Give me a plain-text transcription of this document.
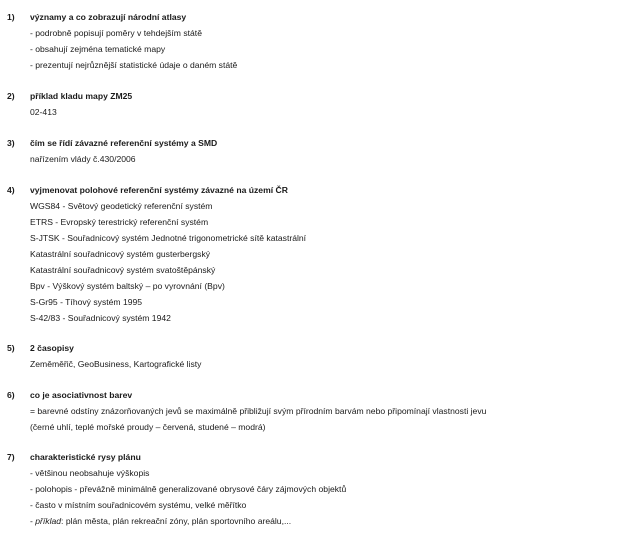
1) významy a co zobrazují národní atlasy
- podrobně popisují poměry v tehdejším státě
- obsahují zejména tematické mapy
- prezentují nejrůznější statistické údaje o daném státě
2) příklad kladu mapy ZM25
02-413
3) čím se řídí závazné referenční systémy a SMD
nařízením vlády č.430/2006
4) vyjmenovat polohové referenční systémy závazné na území ČR
WGS84 - Světový geodetický referenční systém
ETRS - Evropský terestrický referenční systém
S-JTSK - Souřadnicový systém Jednotné trigonometrické sítě katastrální
Katastrální souřadnicový systém gusterbergský
Katastrální souřadnicový systém svatoštěpánský
Bpv - Výškový systém baltský – po vyrovnání (Bpv)
S-Gr95 - Tíhový systém 1995
S-42/83 - Souřadnicový systém 1942
5) 2 časopisy
Zeměměřič, GeoBusiness, Kartografické listy
6) co je asociativnost barev
= barevné odstíny znázorňovaných jevů se maximálně přibližují svým přírodním barvám nebo připomínají vlastnosti jevu
(černé uhlí, teplé mořské proudy – červená, studené – modrá)
7) charakteristické rysy plánu
- většinou neobsahuje výškopis
- polohopis - převážně minimálně generalizované obrysové čáry zájmových objektů
- často v místním souřadnicovém systému, velké měřítko
- příklad: plán města, plán rekreační zóny, plán sportovního areálu,...
